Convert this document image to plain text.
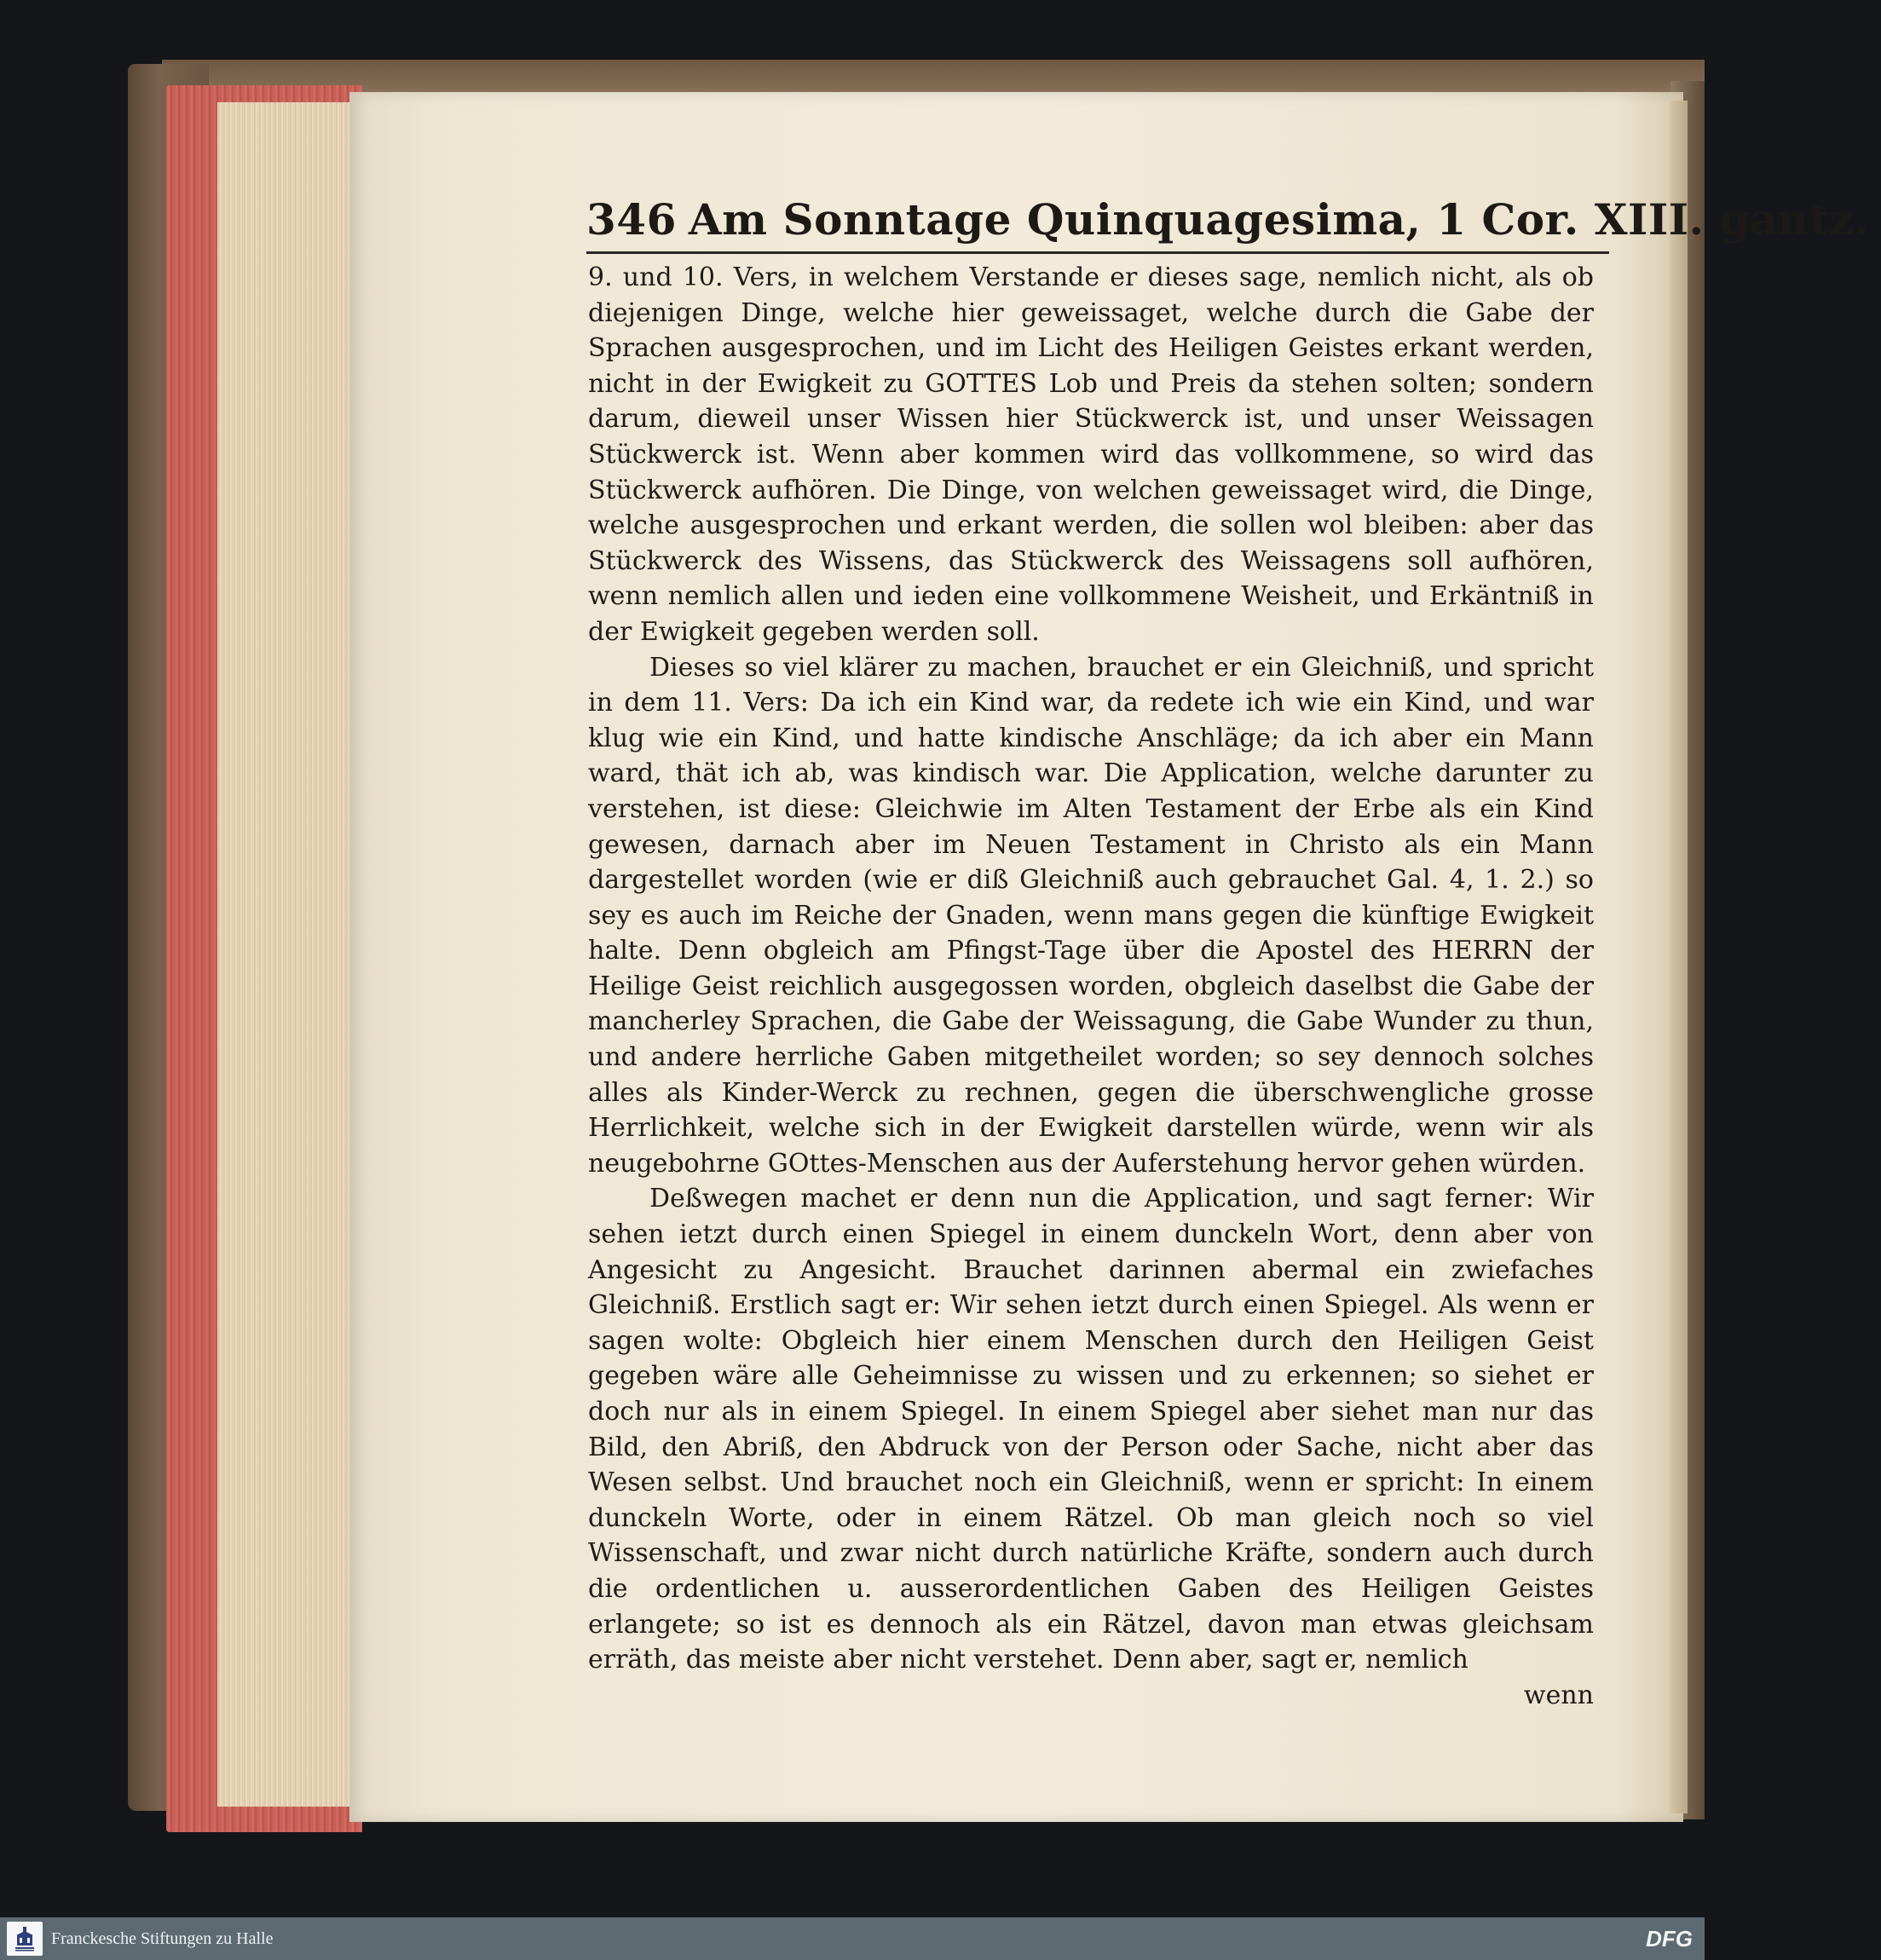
346 Am Sonntage Quinquagesima, 1 Cor. XIII. gantz.

9. und 10. Vers, in welchem Verstande er dieses sage, nemlich nicht, als ob diejenigen Dinge, welche hier geweissaget, welche durch die Gabe der Sprachen ausgesprochen, und im Licht des Heiligen Geistes erkant werden, nicht in der Ewigkeit zu GOTTES Lob und Preis da stehen solten; sondern darum, dieweil unser Wissen hier Stückwerck ist, und unser Weissagen Stückwerck ist. Wenn aber kommen wird das vollkommene, so wird das Stückwerck aufhören. Die Dinge, von welchen geweissaget wird, die Dinge, welche ausgesprochen und erkant werden, die sollen wol bleiben: aber das Stückwerck des Wissens, das Stückwerck des Weissagens soll aufhören, wenn nemlich allen und ieden eine vollkommene Weisheit, und Erkäntniß in der Ewigkeit gegeben werden soll.

Dieses so viel klärer zu machen, brauchet er ein Gleichniß, und spricht in dem 11. Vers: Da ich ein Kind war, da redete ich wie ein Kind, und war klug wie ein Kind, und hatte kindische Anschläge; da ich aber ein Mann ward, thät ich ab, was kindisch war. Die Application, welche darunter zu verstehen, ist diese: Gleichwie im Alten Testament der Erbe als ein Kind gewesen, darnach aber im Neuen Testament in Christo als ein Mann dargestellet worden (wie er diß Gleichniß auch gebrauchet Gal. 4, 1. 2.) so sey es auch im Reiche der Gnaden, wenn mans gegen die künftige Ewigkeit halte. Denn obgleich am Pfingst-Tage über die Apostel des HERRN der Heilige Geist reichlich ausgegossen worden, obgleich daselbst die Gabe der mancherley Sprachen, die Gabe der Weissagung, die Gabe Wunder zu thun, und andere herrliche Gaben mitgetheilet worden; so sey dennoch solches alles als Kinder-Werck zu rechnen, gegen die überschwengliche grosse Herrlichkeit, welche sich in der Ewigkeit darstellen würde, wenn wir als neugebohrne GOttes-Menschen aus der Auferstehung hervor gehen würden.

Deßwegen machet er denn nun die Application, und sagt ferner: Wir sehen ietzt durch einen Spiegel in einem dunckeln Wort, denn aber von Angesicht zu Angesicht. Brauchet darinnen abermal ein zwiefaches Gleichniß. Erstlich sagt er: Wir sehen ietzt durch einen Spiegel. Als wenn er sagen wolte: Obgleich hier einem Menschen durch den Heiligen Geist gegeben wäre alle Geheimnisse zu wissen und zu erkennen; so siehet er doch nur als in einem Spiegel. In einem Spiegel aber siehet man nur das Bild, den Abriß, den Abdruck von der Person oder Sache, nicht aber das Wesen selbst. Und brauchet noch ein Gleichniß, wenn er spricht: In einem dunckeln Worte, oder in einem Rätzel. Ob man gleich noch so viel Wissenschaft, und zwar nicht durch natürliche Kräfte, sondern auch durch die ordentlichen u. ausserordentlichen Gaben des Heiligen Geistes erlangete; so ist es dennoch als ein Rätzel, davon man etwas gleichsam erräth, das meiste aber nicht verstehet. Denn aber, sagt er, nemlich

wenn

Franckesche Stiftungen zu Halle	DFG
